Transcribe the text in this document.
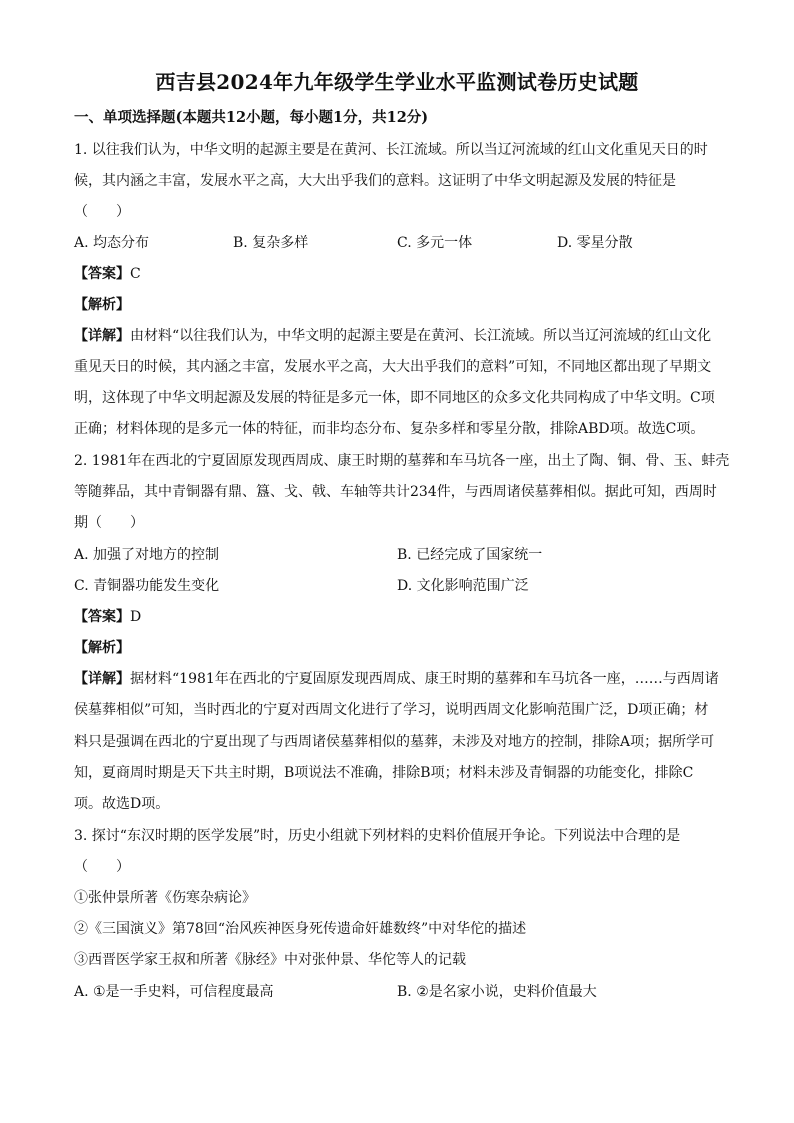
西吉县2024年九年级学生学业水平监测试卷历史试题
一、单项选择题(本题共12小题，每小题1分，共12分)
1. 以往我们认为，中华文明的起源主要是在黄河、长江流域。所以当辽河流域的红山文化重见天日的时
候，其内涵之丰富，发展水平之高，大大出乎我们的意料。这证明了中华文明起源及发展的特征是
（　　）
A. 均态分布	B. 复杂多样	C. 多元一体	D. 零星分散
【答案】C
【解析】
【详解】由材料“以往我们认为，中华文明的起源主要是在黄河、长江流域。所以当辽河流域的红山文化
重见天日的时候，其内涵之丰富，发展水平之高，大大出乎我们的意料”可知，不同地区都出现了早期文
明，这体现了中华文明起源及发展的特征是多元一体，即不同地区的众多文化共同构成了中华文明。C项
正确；材料体现的是多元一体的特征，而非均态分布、复杂多样和零星分散，排除ABD项。故选C项。
2. 1981年在西北的宁夏固原发现西周成、康王时期的墓葬和车马坑各一座，出土了陶、铜、骨、玉、蚌壳
等随葬品，其中青铜器有鼎、簋、戈、戟、车轴等共计234件，与西周诸侯墓葬相似。据此可知，西周时
期（　　）
A. 加强了对地方的控制	B. 已经完成了国家统一
C. 青铜器功能发生变化	D. 文化影响范围广泛
【答案】D
【解析】
【详解】据材料“1981年在西北的宁夏固原发现西周成、康王时期的墓葬和车马坑各一座，……与西周诸
侯墓葬相似”可知，当时西北的宁夏对西周文化进行了学习，说明西周文化影响范围广泛，D项正确；材
料只是强调在西北的宁夏出现了与西周诸侯墓葬相似的墓葬，未涉及对地方的控制，排除A项；据所学可
知，夏商周时期是天下共主时期，B项说法不准确，排除B项；材料未涉及青铜器的功能变化，排除C
项。故选D项。
3. 探讨“东汉时期的医学发展”时，历史小组就下列材料的史料价值展开争论。下列说法中合理的是
（　　）
①张仲景所著《伤寒杂病论》
②《三国演义》第78回“治风疾神医身死传遗命奸雄数终”中对华佗的描述
③西晋医学家王叔和所著《脉经》中对张仲景、华佗等人的记载
A. ①是一手史料，可信程度最高	B. ②是名家小说，史料价值最大
